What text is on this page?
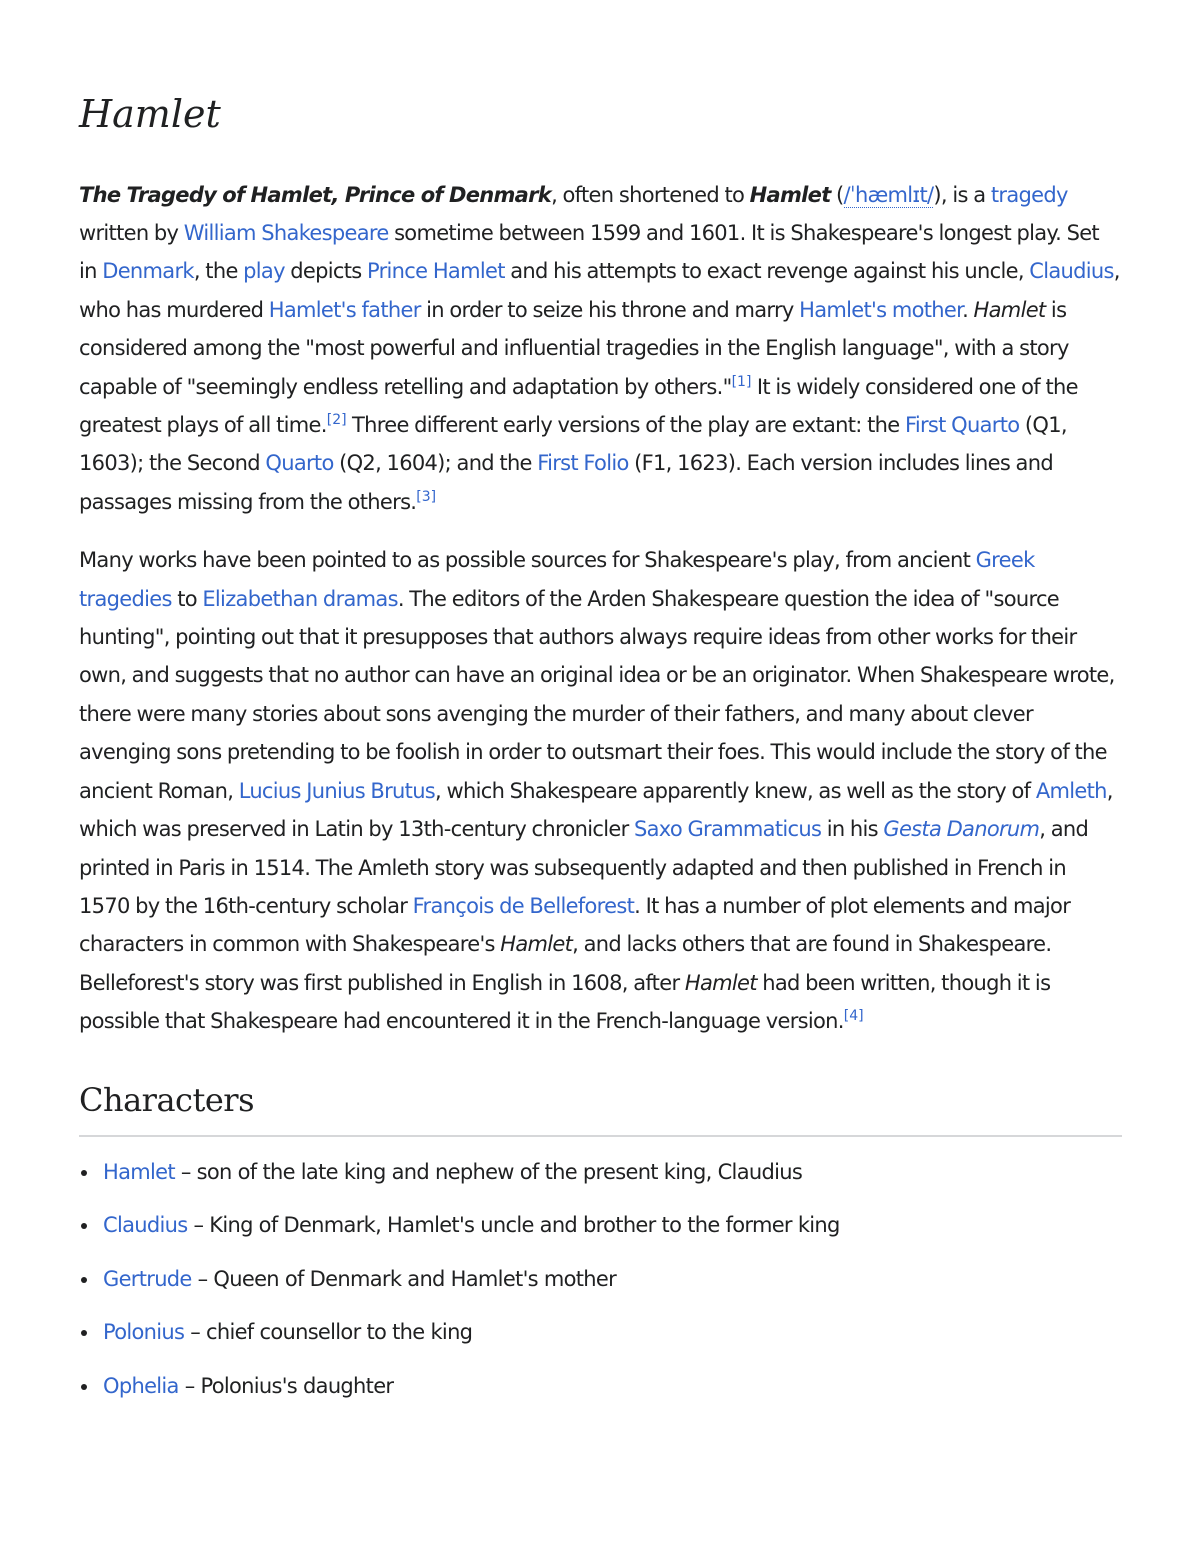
Hamlet

The Tragedy of Hamlet, Prince of Denmark, often shortened to Hamlet (/ˈhæmlɪt/), is a tragedy written by William Shakespeare sometime between 1599 and 1601. It is Shakespeare's longest play. Set in Denmark, the play depicts Prince Hamlet and his attempts to exact revenge against his uncle, Claudius, who has murdered Hamlet's father in order to seize his throne and marry Hamlet's mother. Hamlet is considered among the "most powerful and influential tragedies in the English language", with a story capable of "seemingly endless retelling and adaptation by others."[1] It is widely considered one of the greatest plays of all time.[2] Three different early versions of the play are extant: the First Quarto (Q1, 1603); the Second Quarto (Q2, 1604); and the First Folio (F1, 1623). Each version includes lines and passages missing from the others.[3]

Many works have been pointed to as possible sources for Shakespeare's play, from ancient Greek tragedies to Elizabethan dramas. The editors of the Arden Shakespeare question the idea of "source hunting", pointing out that it presupposes that authors always require ideas from other works for their own, and suggests that no author can have an original idea or be an originator. When Shakespeare wrote, there were many stories about sons avenging the murder of their fathers, and many about clever avenging sons pretending to be foolish in order to outsmart their foes. This would include the story of the ancient Roman, Lucius Junius Brutus, which Shakespeare apparently knew, as well as the story of Amleth, which was preserved in Latin by 13th-century chronicler Saxo Grammaticus in his Gesta Danorum, and printed in Paris in 1514. The Amleth story was subsequently adapted and then published in French in 1570 by the 16th-century scholar François de Belleforest. It has a number of plot elements and major characters in common with Shakespeare's Hamlet, and lacks others that are found in Shakespeare. Belleforest's story was first published in English in 1608, after Hamlet had been written, though it is possible that Shakespeare had encountered it in the French-language version.[4]

Characters
Hamlet – son of the late king and nephew of the present king, Claudius
Claudius – King of Denmark, Hamlet's uncle and brother to the former king
Gertrude – Queen of Denmark and Hamlet's mother
Polonius – chief counsellor to the king
Ophelia – Polonius's daughter
